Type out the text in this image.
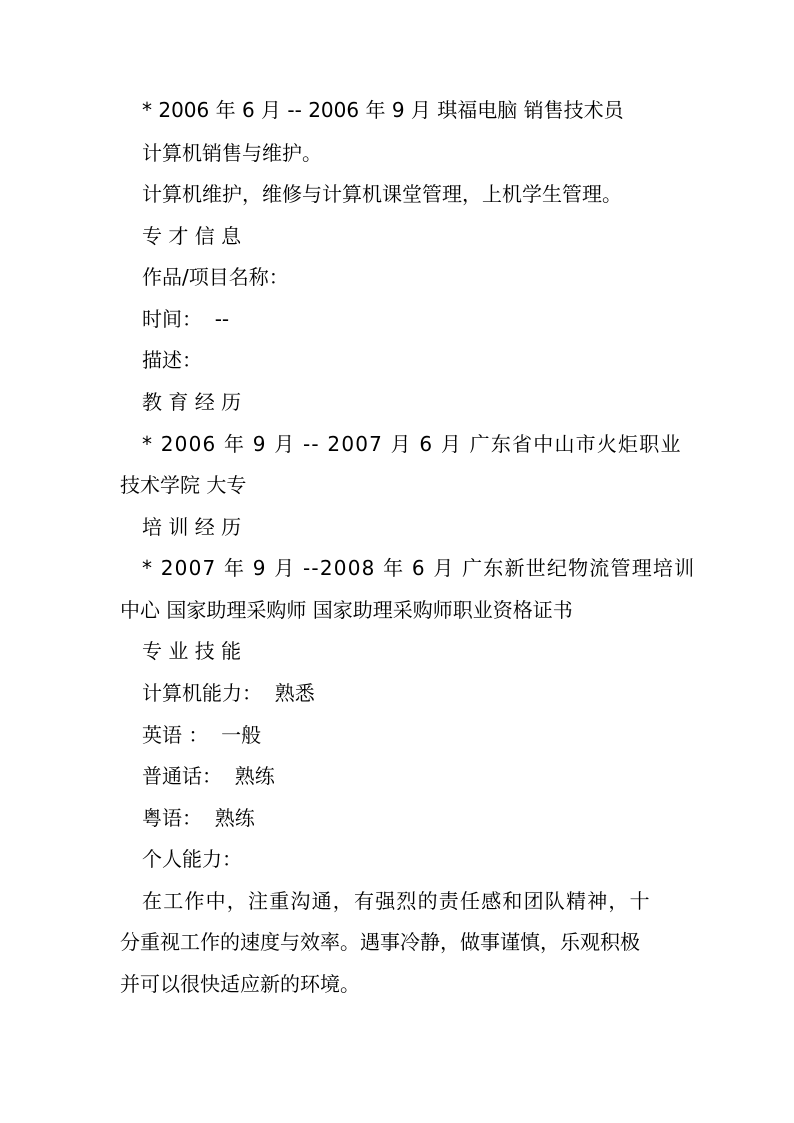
* 2006 年 6 月 -- 2006 年 9 月 琪福电脑 销售技术员

计算机销售与维护。

计算机维护，维修与计算机课堂管理，上机学生管理。

专 才 信 息

作品/项目名称：

时间：  --

描述：

教 育 经 历

* 2006 年 9 月 -- 2007 月 6 月 广东省中山市火炬职业

技术学院 大专

培 训 经 历

* 2007 年 9 月 --2008 年 6 月 广东新世纪物流管理培训

中心 国家助理采购师 国家助理采购师职业资格证书

专 业 技 能

计算机能力：  熟悉

英语 ：  一般

普通话：  熟练

粤语：  熟练

个人能力：

在工作中，注重沟通，有强烈的责任感和团队精神，十

分重视工作的速度与效率。遇事冷静，做事谨慎，乐观积极

并可以很快适应新的环境。
